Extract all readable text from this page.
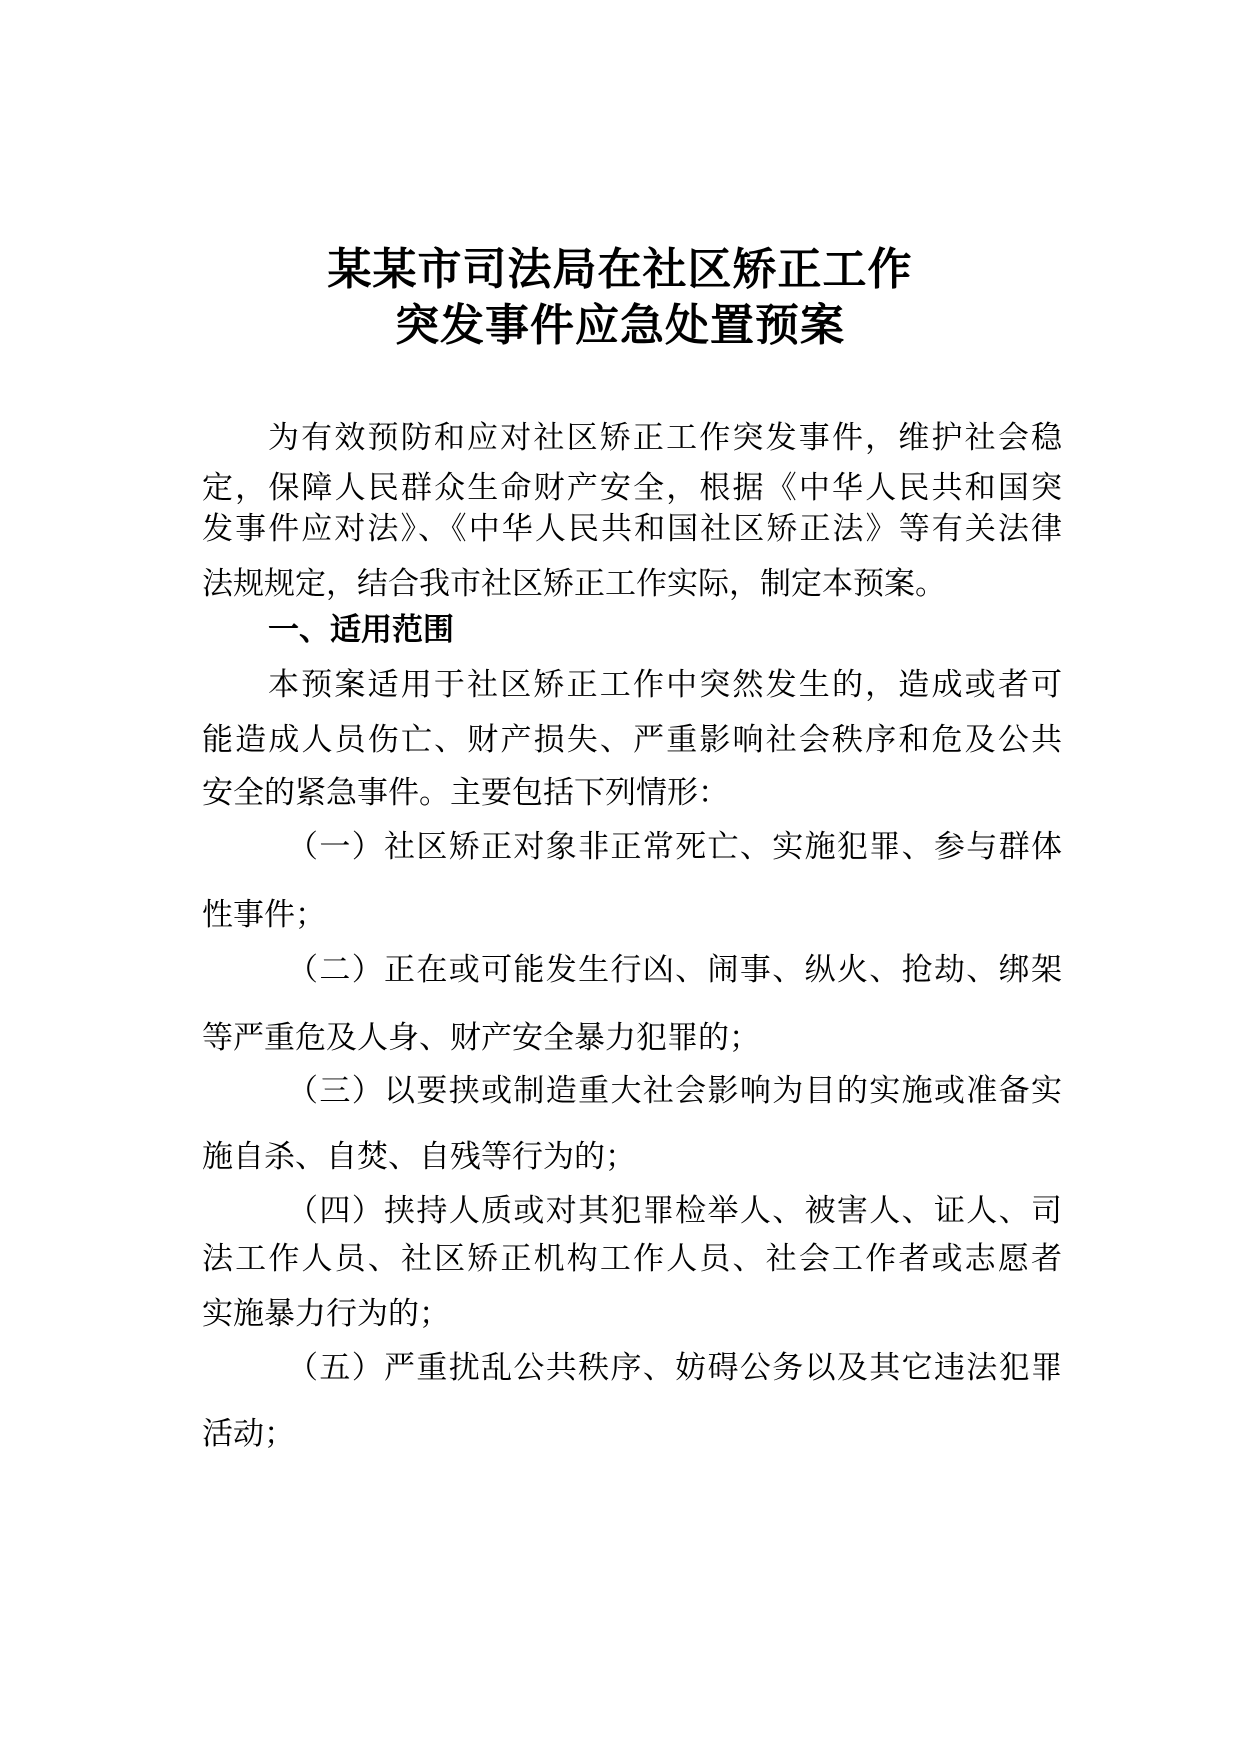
某某市司法局在社区矫正工作
突发事件应急处置预案
为有效预防和应对社区矫正工作突发事件，维护社会稳
定，保障人民群众生命财产安全，根据《中华人民共和国突
发事件应对法》、《中华人民共和国社区矫正法》等有关法律
法规规定，结合我市社区矫正工作实际，制定本预案。
一、适用范围
本预案适用于社区矫正工作中突然发生的，造成或者可
能造成人员伤亡、财产损失、严重影响社会秩序和危及公共
安全的紧急事件。主要包括下列情形：
（一）社区矫正对象非正常死亡、实施犯罪、参与群体
性事件；
（二）正在或可能发生行凶、闹事、纵火、抢劫、绑架
等严重危及人身、财产安全暴力犯罪的；
（三）以要挟或制造重大社会影响为目的实施或准备实
施自杀、自焚、自残等行为的；
（四）挟持人质或对其犯罪检举人、被害人、证人、司
法工作人员、社区矫正机构工作人员、社会工作者或志愿者
实施暴力行为的；
（五）严重扰乱公共秩序、妨碍公务以及其它违法犯罪
活动；
